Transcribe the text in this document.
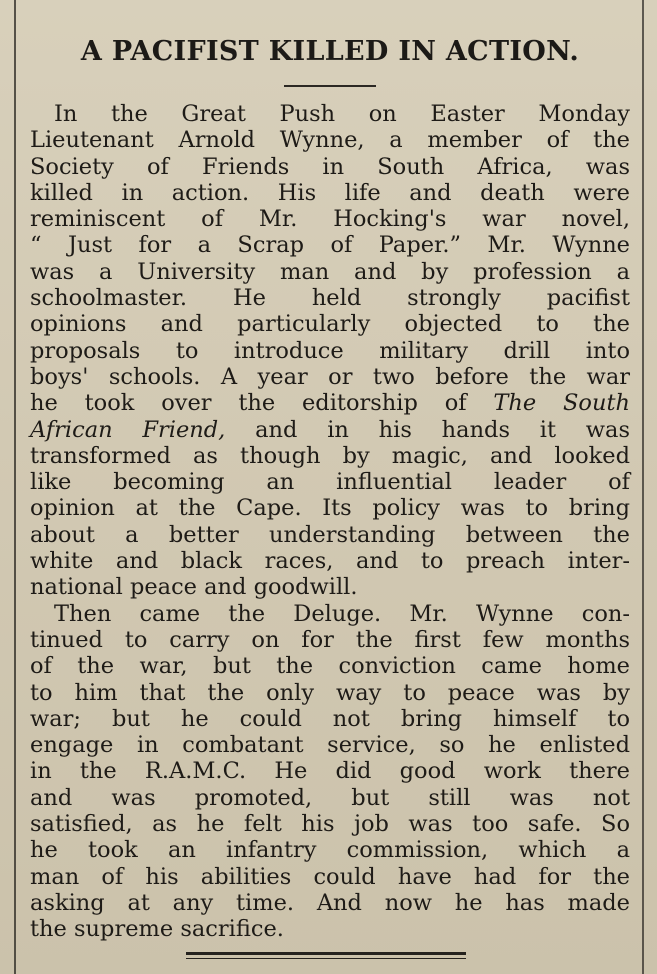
A PACIFIST KILLED IN ACTION.
In the Great Push on Easter Monday
Lieutenant Arnold Wynne, a member of the
Society of Friends in South Africa, was
killed in action. His life and death were
reminiscent of Mr. Hocking's war novel,
“ Just for a Scrap of Paper.” Mr. Wynne
was a University man and by profession a
schoolmaster. He held strongly pacifist
opinions and particularly objected to the
proposals to introduce military drill into
boys' schools. A year or two before the war
he took over the editorship of The South
African Friend, and in his hands it was
transformed as though by magic, and looked
like becoming an influential leader of
opinion at the Cape. Its policy was to bring
about a better understanding between the
white and black races, and to preach inter-
national peace and goodwill.
Then came the Deluge. Mr. Wynne con-
tinued to carry on for the first few months
of the war, but the conviction came home
to him that the only way to peace was by
war; but he could not bring himself to
engage in combatant service, so he enlisted
in the R.A.M.C. He did good work there
and was promoted, but still was not
satisfied, as he felt his job was too safe. So
he took an infantry commission, which a
man of his abilities could have had for the
asking at any time. And now he has made
the supreme sacrifice.
